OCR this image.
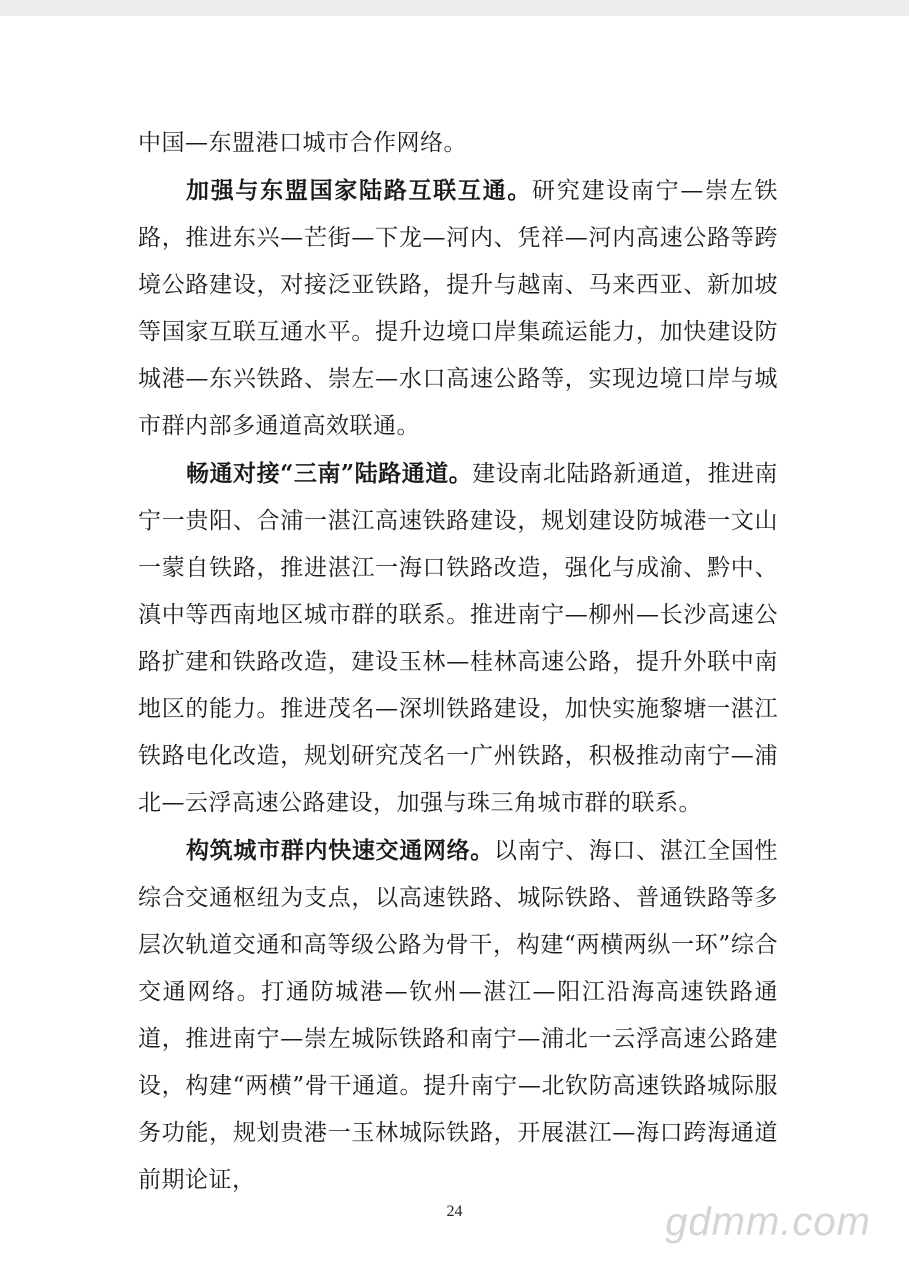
中国—东盟港口城市合作网络。

加强与东盟国家陆路互联互通。研究建设南宁—崇左铁路，推进东兴—芒街—下龙—河内、凭祥—河内高速公路等跨境公路建设，对接泛亚铁路，提升与越南、马来西亚、新加坡等国家互联互通水平。提升边境口岸集疏运能力，加快建设防城港—东兴铁路、崇左—水口高速公路等，实现边境口岸与城市群内部多通道高效联通。

畅通对接“三南”陆路通道。建设南北陆路新通道，推进南宁一贵阳、合浦一湛江高速铁路建设，规划建设防城港一文山一蒙自铁路，推进湛江一海口铁路改造，强化与成渝、黔中、滇中等西南地区城市群的联系。推进南宁—柳州—长沙高速公路扩建和铁路改造，建设玉林—桂林高速公路，提升外联中南地区的能力。推进茂名—深圳铁路建设，加快实施黎塘一湛江铁路电化改造，规划研究茂名一广州铁路，积极推动南宁—浦北—云浮高速公路建设，加强与珠三角城市群的联系。

构筑城市群内快速交通网络。以南宁、海口、湛江全国性综合交通枢纽为支点，以高速铁路、城际铁路、普通铁路等多层次轨道交通和高等级公路为骨干，构建“两横两纵一环”综合交通网络。打通防城港—钦州—湛江—阳江沿海高速铁路通道，推进南宁—崇左城际铁路和南宁—浦北一云浮高速公路建设，构建“两横”骨干通道。提升南宁—北钦防高速铁路城际服务功能，规划贵港一玉林城际铁路，开展湛江—海口跨海通道前期论证，

24	gdmm.com
